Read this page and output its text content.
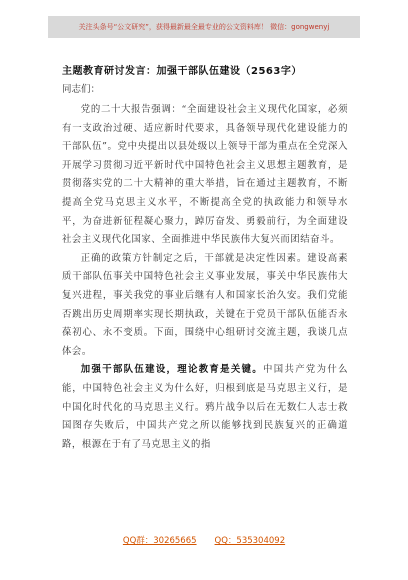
关注头条号“公文研究”，获得最新最全最专业的公文资料库！ 微信：gongwenyj
主题教育研讨发言：加强干部队伍建设（2563字）
同志们：

党的二十大报告强调：“全面建设社会主义现代化国家，必须有一支政治过硬、适应新时代要求，具备领导现代化建设能力的干部队伍”。党中央提出以县处级以上领导干部为重点在全党深入开展学习贯彻习近平新时代中国特色社会主义思想主题教育，是贯彻落实党的二十大精神的重大举措，旨在通过主题教育，不断提高全党马克思主义水平，不断提高全党的执政能力和领导水平，为奋进新征程凝心聚力，踔厉奋发、勇毅前行，为全面建设社会主义现代化国家、全面推进中华民族伟大复兴而团结奋斗。

正确的政策方针制定之后，干部就是决定性因素。建设高素质干部队伍事关中国特色社会主义事业发展，事关中华民族伟大复兴进程，事关我党的事业后继有人和国家长治久安。我们党能否跳出历史周期率实现长期执政，关键在于党员干部队伍能否永葆初心、永不变质。下面，围绕中心组研讨交流主题，我谈几点体会。

加强干部队伍建设，理论教育是关键。中国共产党为什么能，中国特色社会主义为什么好，归根到底是马克思主义行，是中国化时代化的马克思主义行。鸦片战争以后在无数仁人志士救国图存失败后，中国共产党之所以能够找到民族复兴的正确道路，根源在于有了马克思主义的指

QQ群：30265665 QQ：535304092
